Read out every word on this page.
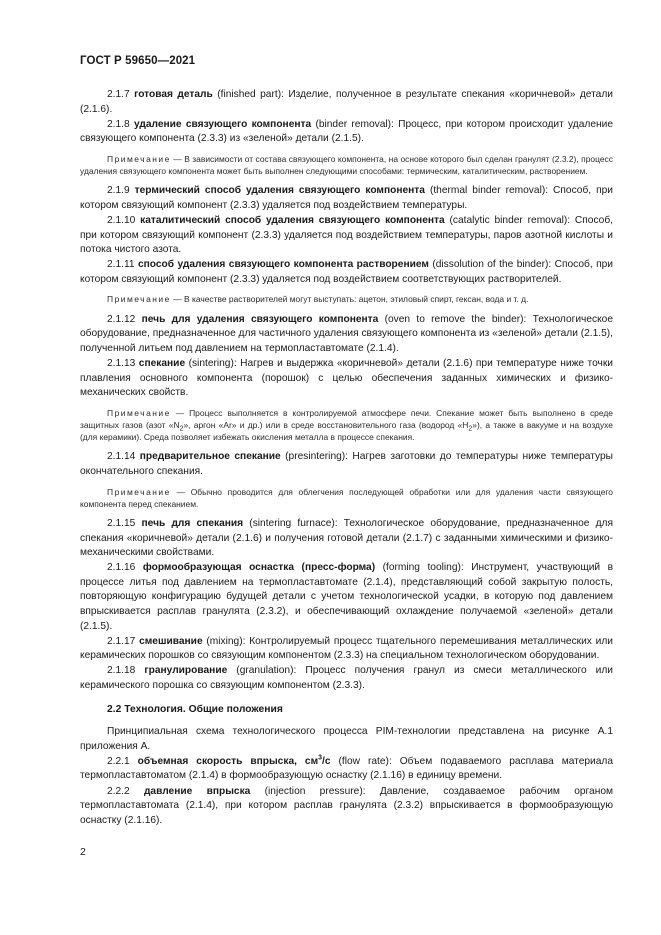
ГОСТ Р 59650—2021

2.1.7 готовая деталь (finished part): Изделие, полученное в результате спекания «коричневой» детали (2.1.6).

2.1.8 удаление связующего компонента (binder removal): Процесс, при котором происходит удаление связующего компонента (2.3.3) из «зеленой» детали (2.1.5).

Примечание — В зависимости от состава связующего компонента, на основе которого был сделан гранулят (2.3.2), процесс удаления связующего компонента может быть выполнен следующими способами: термическим, каталитическим, растворением.

2.1.9 термический способ удаления связующего компонента (thermal binder removal): Способ, при котором связующий компонент (2.3.3) удаляется под воздействием температуры.

2.1.10 каталитический способ удаления связующего компонента (catalytic binder removal): Способ, при котором связующий компонент (2.3.3) удаляется под воздействием температуры, паров азотной кислоты и потока чистого азота.

2.1.11 способ удаления связующего компонента растворением (dissolution of the binder): Способ, при котором связующий компонент (2.3.3) удаляется под воздействием соответствующих растворителей.

Примечание — В качестве растворителей могут выступать: ацетон, этиловый спирт, гексан, вода и т. д.

2.1.12 печь для удаления связующего компонента (oven to remove the binder): Технологическое оборудование, предназначенное для частичного удаления связующего компонента из «зеленой» детали (2.1.5), полученной литьем под давлением на термопластавтомате (2.1.4).

2.1.13 спекание (sintering): Нагрев и выдержка «коричневой» детали (2.1.6) при температуре ниже точки плавления основного компонента (порошок) с целью обеспечения заданных химических и физико-механических свойств.

Примечание — Процесс выполняется в контролируемой атмосфере печи. Спекание может быть выполнено в среде защитных газов (азот «$N_2$», аргон «Ar» и др.) или в среде восстановительного газа (водород «$H_2$»), а также в вакууме и на воздухе (для керамики). Среда позволяет избежать окисления металла в процессе спекания.

2.1.14 предварительное спекание (presintering): Нагрев заготовки до температуры ниже температуры окончательного спекания.

Примечание — Обычно проводится для облегчения последующей обработки или для удаления части связующего компонента перед спеканием.

2.1.15 печь для спекания (sintering furnace): Технологическое оборудование, предназначенное для спекания «коричневой» детали (2.1.6) и получения готовой детали (2.1.7) с заданными химическими и физико-механическими свойствами.

2.1.16 формообразующая оснастка (пресс-форма) (forming tooling): Инструмент, участвующий в процессе литья под давлением на термопластавтомате (2.1.4), представляющий собой закрытую полость, повторяющую конфигурацию будущей детали с учетом технологической усадки, в которую под давлением впрыскивается расплав гранулята (2.3.2), и обеспечивающий охлаждение получаемой «зеленой» детали (2.1.5).

2.1.17 смешивание (mixing): Контролируемый процесс тщательного перемешивания металлических или керамических порошков со связующим компонентом (2.3.3) на специальном технологическом оборудовании.

2.1.18 гранулирование (granulation): Процесс получения гранул из смеси металлического или керамического порошка со связующим компонентом (2.3.3).

2.2 Технология. Общие положения

Принципиальная схема технологического процесса PIM-технологии представлена на рисунке А.1 приложения А.

2.2.1 объемная скорость впрыска, $см^3/с$ (flow rate): Объем подаваемого расплава материала термопластавтоматом (2.1.4) в формообразующую оснастку (2.1.16) в единицу времени.

2.2.2 давление впрыска (injection pressure): Давление, создаваемое рабочим органом термопластавтомата (2.1.4), при котором расплав гранулята (2.3.2) впрыскивается в формообразующую оснастку (2.1.16).

2
